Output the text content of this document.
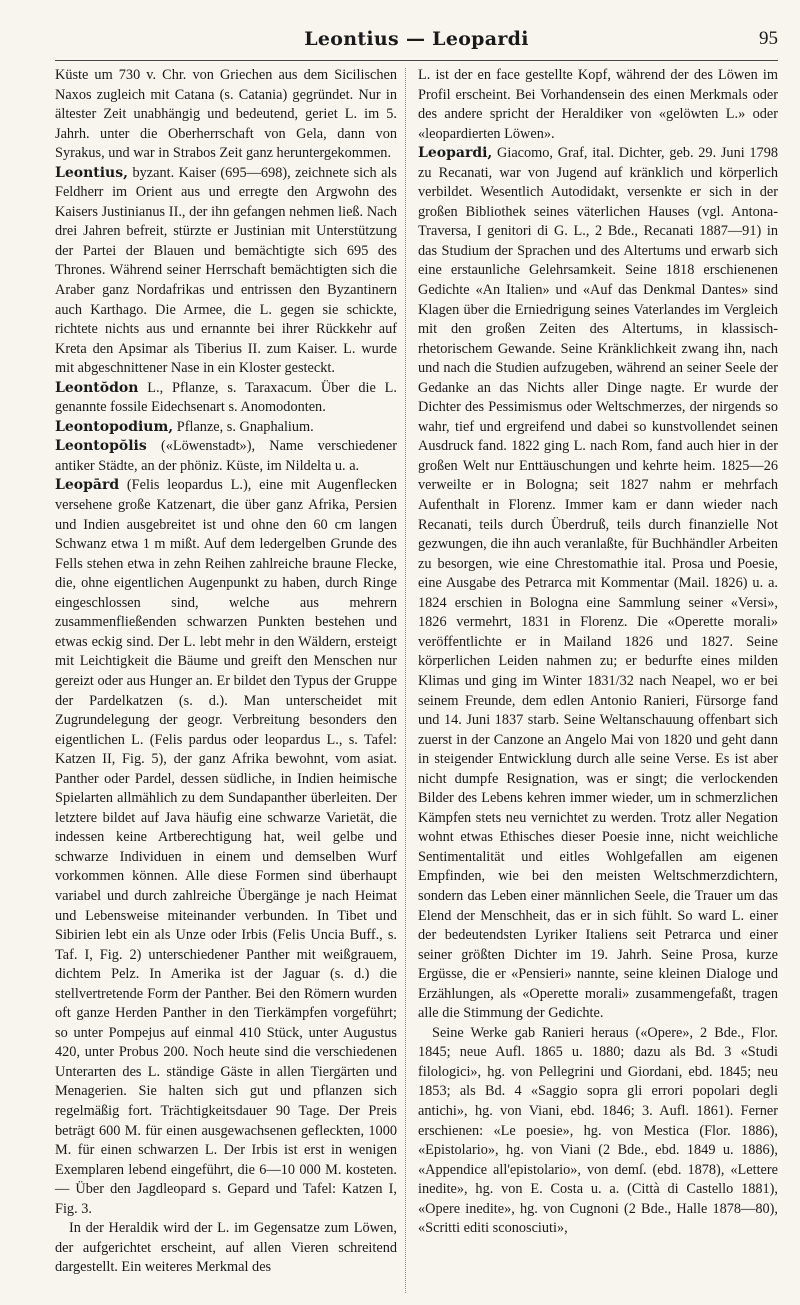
Leontius — Leopardi	95

Küste um 730 v. Chr. von Griechen aus dem Sicilischen Naxos zugleich mit Catana (s. Catania) gegründet. Nur in ältester Zeit unabhängig und bedeutend, geriet L. im 5. Jahrh. unter die Oberherrschaft von Gela, dann von Syrakus, und war in Strabos Zeit ganz heruntergekommen.

Leontius, byzant. Kaiser (695—698), zeichnete sich als Feldherr im Orient aus und erregte den Argwohn des Kaisers Justinianus II., der ihn gefangen nehmen ließ. Nach drei Jahren befreit, stürzte er Justinian mit Unterstützung der Partei der Blauen und bemächtigte sich 695 des Thrones. Während seiner Herrschaft bemächtigten sich die Araber ganz Nordafrikas und entrissen den Byzantinern auch Karthago. Die Armee, die L. gegen sie schickte, richtete nichts aus und ernannte bei ihrer Rückkehr auf Kreta den Apsimar als Tiberius II. zum Kaiser. L. wurde mit abgeschnittener Nase in ein Kloster gesteckt.

Leontŏdon L., Pflanze, s. Taraxacum. Über die L. genannte fossile Eidechsenart s. Anomodonten.

Leontopodium, Pflanze, s. Gnaphalium.

Leontopŏlis («Löwenstadt»), Name verschiedener antiker Städte, an der phöniz. Küste, im Nildelta u. a.

Leopārd (Felis leopardus L.), eine mit Augenflecken versehene große Katzenart, die über ganz Afrika, Persien und Indien ausgebreitet ist und ohne den 60 cm langen Schwanz etwa 1 m mißt. Auf dem ledergelben Grunde des Fells stehen etwa in zehn Reihen zahlreiche braune Flecke, die, ohne eigentlichen Augenpunkt zu haben, durch Ringe eingeschlossen sind, welche aus mehrern zusammenfließenden schwarzen Punkten bestehen und etwas eckig sind. Der L. lebt mehr in den Wäldern, ersteigt mit Leichtigkeit die Bäume und greift den Menschen nur gereizt oder aus Hunger an. Er bildet den Typus der Gruppe der Pardelkatzen (s. d.). Man unterscheidet mit Zugrundelegung der geogr. Verbreitung besonders den eigentlichen L. (Felis pardus oder leopardus L., s. Tafel: Katzen II, Fig. 5), der ganz Afrika bewohnt, vom asiat. Panther oder Pardel, dessen südliche, in Indien heimische Spielarten allmählich zu dem Sundapanther überleiten. Der letztere bildet auf Java häufig eine schwarze Varietät, die indessen keine Artberechtigung hat, weil gelbe und schwarze Individuen in einem und demselben Wurf vorkommen können. Alle diese Formen sind überhaupt variabel und durch zahlreiche Übergänge je nach Heimat und Lebensweise miteinander verbunden. In Tibet und Sibirien lebt ein als Unze oder Irbis (Felis Uncia Buff., s. Taf. I, Fig. 2) unterschiedener Panther mit weißgrauem, dichtem Pelz. In Amerika ist der Jaguar (s. d.) die stellvertretende Form der Panther. Bei den Römern wurden oft ganze Herden Panther in den Tierkämpfen vorgeführt; so unter Pompejus auf einmal 410 Stück, unter Augustus 420, unter Probus 200. Noch heute sind die verschiedenen Unterarten des L. ständige Gäste in allen Tiergärten und Menagerien. Sie halten sich gut und pflanzen sich regelmäßig fort. Trächtigkeitsdauer 90 Tage. Der Preis beträgt 600 M. für einen ausgewachsenen gefleckten, 1000 M. für einen schwarzen L. Der Irbis ist erst in wenigen Exemplaren lebend eingeführt, die 6—10 000 M. kosteten. — Über den Jagdleopard s. Gepard und Tafel: Katzen I, Fig. 3.

In der Heraldik wird der L. im Gegensatze zum Löwen, der aufgerichtet erscheint, auf allen Vieren schreitend dargestellt. Ein weiteres Merkmal des

L. ist der en face gestellte Kopf, während der des Löwen im Profil erscheint. Bei Vorhandensein des einen Merkmals oder des andere spricht der Heraldiker von «gelöwten L.» oder «leopardierten Löwen».

Leopardi, Giacomo, Graf, ital. Dichter, geb. 29. Juni 1798 zu Recanati, war von Jugend auf kränklich und körperlich verbildet. Wesentlich Autodidakt, versenkte er sich in der großen Bibliothek seines väterlichen Hauses (vgl. Antona-Traversa, I genitori di G. L., 2 Bde., Recanati 1887—91) in das Studium der Sprachen und des Altertums und erwarb sich eine erstaunliche Gelehrsamkeit. Seine 1818 erschienenen Gedichte «An Italien» und «Auf das Denkmal Dantes» sind Klagen über die Erniedrigung seines Vaterlandes im Vergleich mit den großen Zeiten des Altertums, in klassisch-rhetorischem Gewande. Seine Kränklichkeit zwang ihn, nach und nach die Studien aufzugeben, während an seiner Seele der Gedanke an das Nichts aller Dinge nagte. Er wurde der Dichter des Pessimismus oder Weltschmerzes, der nirgends so wahr, tief und ergreifend und dabei so kunstvollendet seinen Ausdruck fand. 1822 ging L. nach Rom, fand auch hier in der großen Welt nur Enttäuschungen und kehrte heim. 1825—26 verweilte er in Bologna; seit 1827 nahm er mehrfach Aufenthalt in Florenz. Immer kam er dann wieder nach Recanati, teils durch Überdruß, teils durch finanzielle Not gezwungen, die ihn auch veranlaßte, für Buchhändler Arbeiten zu besorgen, wie eine Chrestomathie ital. Prosa und Poesie, eine Ausgabe des Petrarca mit Kommentar (Mail. 1826) u. a. 1824 erschien in Bologna eine Sammlung seiner «Versi», 1826 vermehrt, 1831 in Florenz. Die «Operette morali» veröffentlichte er in Mailand 1826 und 1827. Seine körperlichen Leiden nahmen zu; er bedurfte eines milden Klimas und ging im Winter 1831/32 nach Neapel, wo er bei seinem Freunde, dem edlen Antonio Ranieri, Fürsorge fand und 14. Juni 1837 starb. Seine Weltanschauung offenbart sich zuerst in der Canzone an Angelo Mai von 1820 und geht dann in steigender Entwicklung durch alle seine Verse. Es ist aber nicht dumpfe Resignation, was er singt; die verlockenden Bilder des Lebens kehren immer wieder, um in schmerzlichen Kämpfen stets neu vernichtet zu werden. Trotz aller Negation wohnt etwas Ethisches dieser Poesie inne, nicht weichliche Sentimentalität und eitles Wohlgefallen am eigenen Empfinden, wie bei den meisten Weltschmerzdichtern, sondern das Leben einer männlichen Seele, die Trauer um das Elend der Menschheit, das er in sich fühlt. So ward L. einer der bedeutendsten Lyriker Italiens seit Petrarca und einer seiner größten Dichter im 19. Jahrh. Seine Prosa, kurze Ergüsse, die er «Pensieri» nannte, seine kleinen Dialoge und Erzählungen, als «Operette morali» zusammengefaßt, tragen alle die Stimmung der Gedichte.

Seine Werke gab Ranieri heraus («Opere», 2 Bde., Flor. 1845; neue Aufl. 1865 u. 1880; dazu als Bd. 3 «Studi filologici», hg. von Pellegrini und Giordani, ebd. 1845; neu 1853; als Bd. 4 «Saggio sopra gli errori popolari degli antichi», hg. von Viani, ebd. 1846; 3. Aufl. 1861). Ferner erschienen: «Le poesie», hg. von Mestica (Flor. 1886), «Epistolario», hg. von Viani (2 Bde., ebd. 1849 u. 1886), «Appendice all'epistolario», von demſ. (ebd. 1878), «Lettere inedite», hg. von E. Costa u. a. (Città di Castello 1881), «Opere inedite», hg. von Cugnoni (2 Bde., Halle 1878—80), «Scritti editi sconosciuti»,
